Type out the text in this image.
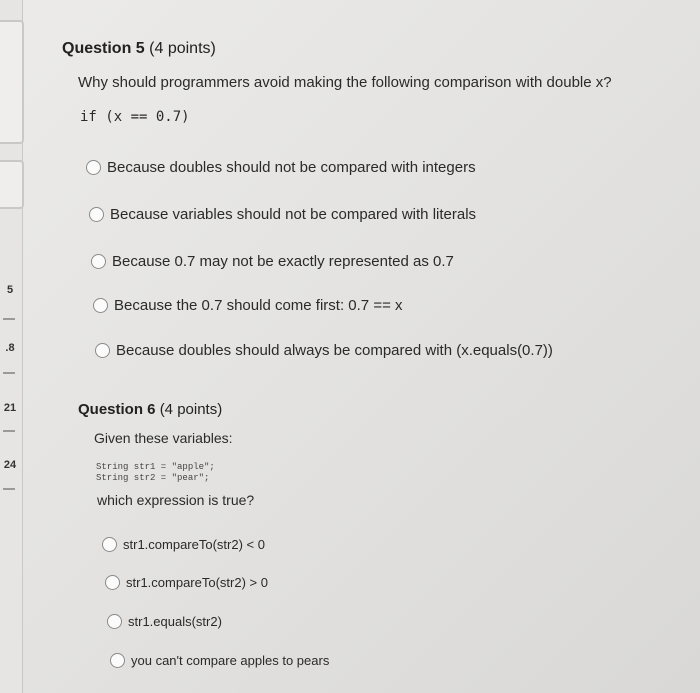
5
.8
21
24
Question 5 (4 points)
Why should programmers avoid making the following comparison with double x?
if (x == 0.7)
Because doubles should not be compared with integers
Because variables should not be compared with literals
Because 0.7 may not be exactly represented as 0.7
Because the 0.7 should come first: 0.7 == x
Because doubles should always be compared with (x.equals(0.7))
Question 6 (4 points)
Given these variables:
String str1 = "apple";
String str2 = "pear";
which expression is true?
str1.compareTo(str2) < 0
str1.compareTo(str2) > 0
str1.equals(str2)
you can't compare apples to pears
